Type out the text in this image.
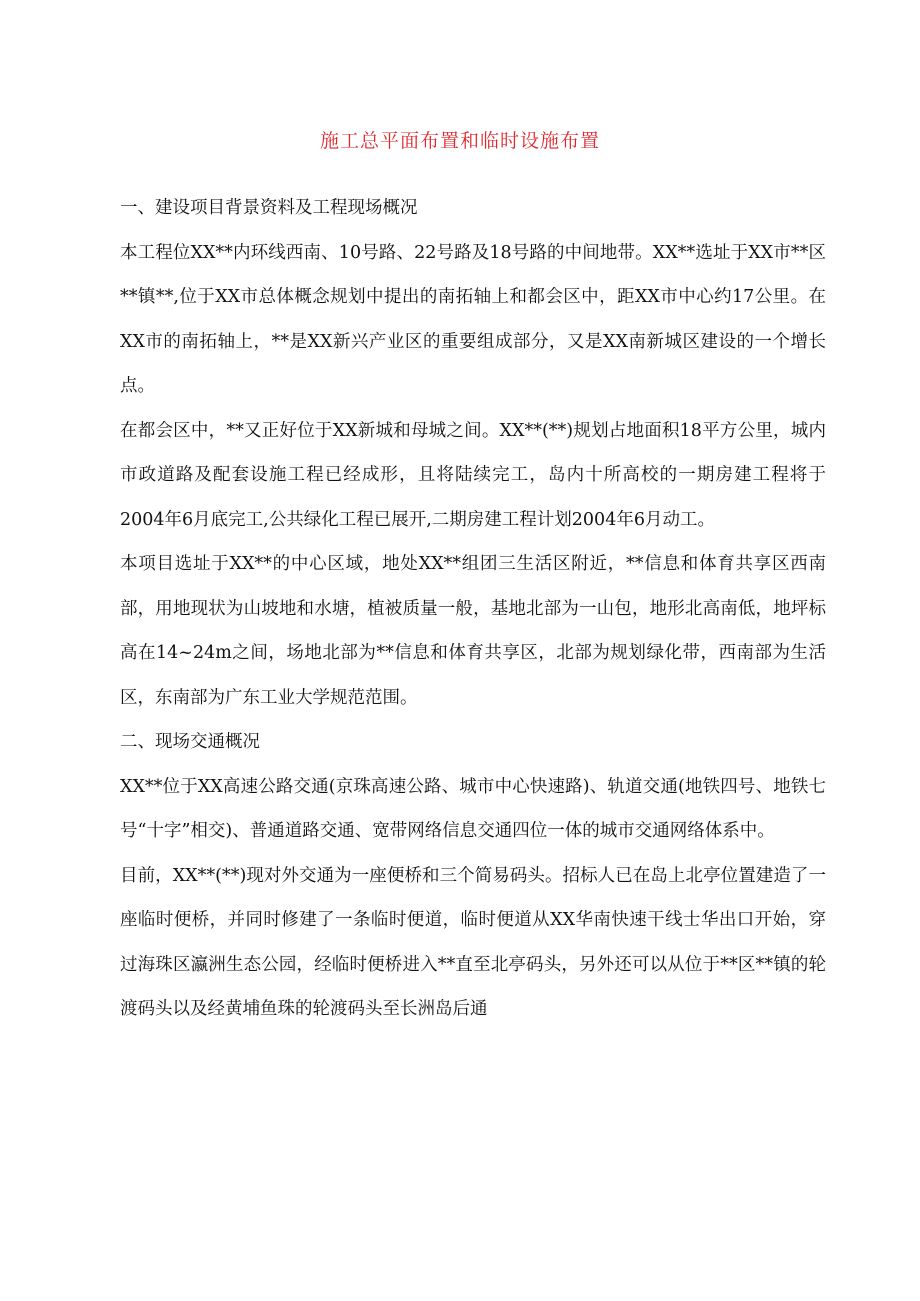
施工总平面布置和临时设施布置

一、建设项目背景资料及工程现场概况

本工程位XX**内环线西南、10号路、22号路及18号路的中间地带。XX**选址于XX市**区**镇**,位于XX市总体概念规划中提出的南拓轴上和都会区中，距XX市中心约17公里。在XX市的南拓轴上，**是XX新兴产业区的重要组成部分，又是XX南新城区建设的一个增长点。

在都会区中，**又正好位于XX新城和母城之间。XX**(**)规划占地面积18平方公里，城内市政道路及配套设施工程已经成形，且将陆续完工，岛内十所高校的一期房建工程将于2004年6月底完工,公共绿化工程已展开,二期房建工程计划2004年6月动工。

本项目选址于XX**的中心区域，地处XX**组团三生活区附近，**信息和体育共享区西南部，用地现状为山坡地和水塘，植被质量一般，基地北部为一山包，地形北高南低，地坪标高在14~24m之间，场地北部为**信息和体育共享区，北部为规划绿化带，西南部为生活区，东南部为广东工业大学规范范围。

二、现场交通概况

XX**位于XX高速公路交通(京珠高速公路、城市中心快速路)、轨道交通(地铁四号、地铁七号“十字”相交)、普通道路交通、宽带网络信息交通四位一体的城市交通网络体系中。

目前，XX**(**)现对外交通为一座便桥和三个简易码头。招标人已在岛上北亭位置建造了一座临时便桥，并同时修建了一条临时便道，临时便道从XX华南快速干线士华出口开始，穿过海珠区瀛洲生态公园，经临时便桥进入**直至北亭码头，另外还可以从位于**区**镇的轮渡码头以及经黄埔鱼珠的轮渡码头至长洲岛后通
